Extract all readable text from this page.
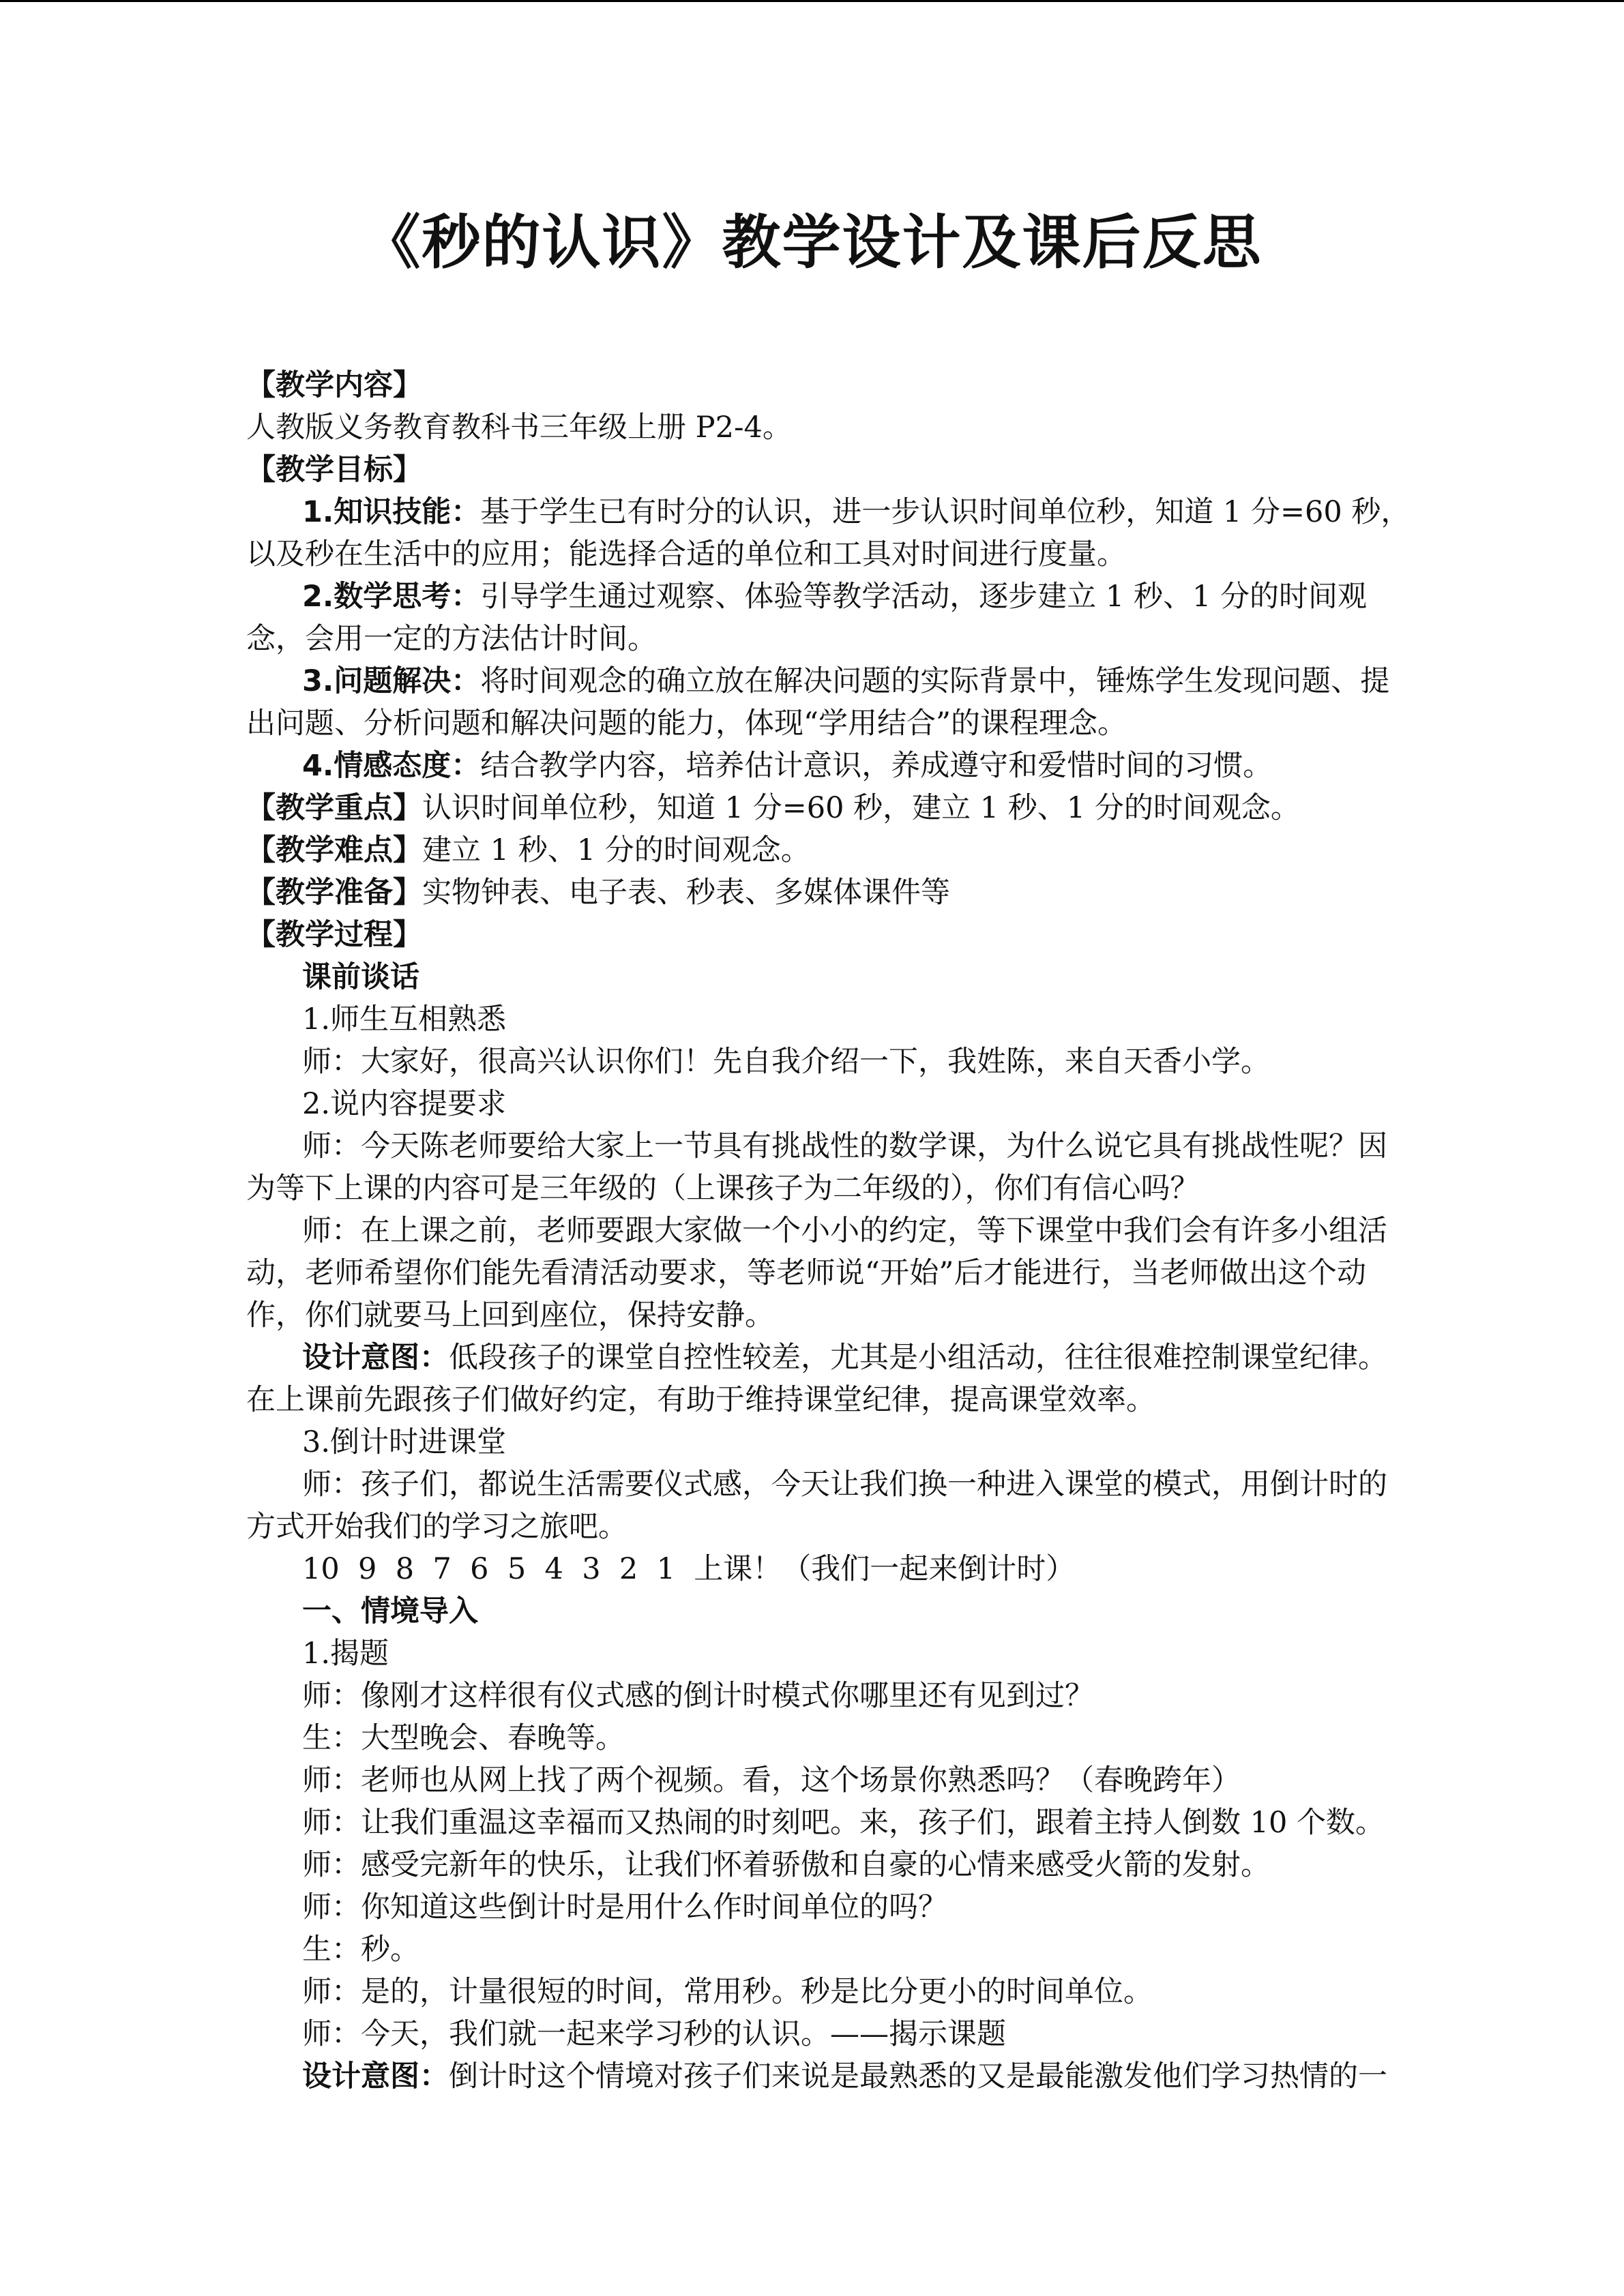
《秒的认识》教学设计及课后反思
【教学内容】
人教版义务教育教科书三年级上册 P2-4。
【教学目标】
1.知识技能：基于学生已有时分的认识，进一步认识时间单位秒，知道 1 分=60 秒，
以及秒在生活中的应用；能选择合适的单位和工具对时间进行度量。
2.数学思考：引导学生通过观察、体验等教学活动，逐步建立 1 秒、1 分的时间观
念，会用一定的方法估计时间。
3.问题解决：将时间观念的确立放在解决问题的实际背景中，锤炼学生发现问题、提
出问题、分析问题和解决问题的能力，体现“学用结合”的课程理念。
4.情感态度：结合教学内容，培养估计意识，养成遵守和爱惜时间的习惯。
【教学重点】认识时间单位秒，知道 1 分=60 秒，建立 1 秒、1 分的时间观念。
【教学难点】建立 1 秒、1 分的时间观念。
【教学准备】实物钟表、电子表、秒表、多媒体课件等
【教学过程】
课前谈话
1.师生互相熟悉
师：大家好，很高兴认识你们！先自我介绍一下，我姓陈，来自天香小学。
2.说内容提要求
师：今天陈老师要给大家上一节具有挑战性的数学课，为什么说它具有挑战性呢？因
为等下上课的内容可是三年级的（上课孩子为二年级的），你们有信心吗？
师：在上课之前，老师要跟大家做一个小小的约定，等下课堂中我们会有许多小组活
动，老师希望你们能先看清活动要求，等老师说“开始”后才能进行，当老师做出这个动
作，你们就要马上回到座位，保持安静。
设计意图：低段孩子的课堂自控性较差，尤其是小组活动，往往很难控制课堂纪律。
在上课前先跟孩子们做好约定，有助于维持课堂纪律，提高课堂效率。
3.倒计时进课堂
师：孩子们，都说生活需要仪式感，今天让我们换一种进入课堂的模式，用倒计时的
方式开始我们的学习之旅吧。
10  9  8  7  6  5  4  3  2  1  上课！（我们一起来倒计时）
一、情境导入
1.揭题
师：像刚才这样很有仪式感的倒计时模式你哪里还有见到过？
生：大型晚会、春晚等。
师：老师也从网上找了两个视频。看，这个场景你熟悉吗？（春晚跨年）
师：让我们重温这幸福而又热闹的时刻吧。来，孩子们，跟着主持人倒数 10 个数。
师：感受完新年的快乐，让我们怀着骄傲和自豪的心情来感受火箭的发射。
师：你知道这些倒计时是用什么作时间单位的吗？
生：秒。
师：是的，计量很短的时间，常用秒。秒是比分更小的时间单位。
师：今天，我们就一起来学习秒的认识。——揭示课题
设计意图：倒计时这个情境对孩子们来说是最熟悉的又是最能激发他们学习热情的一
